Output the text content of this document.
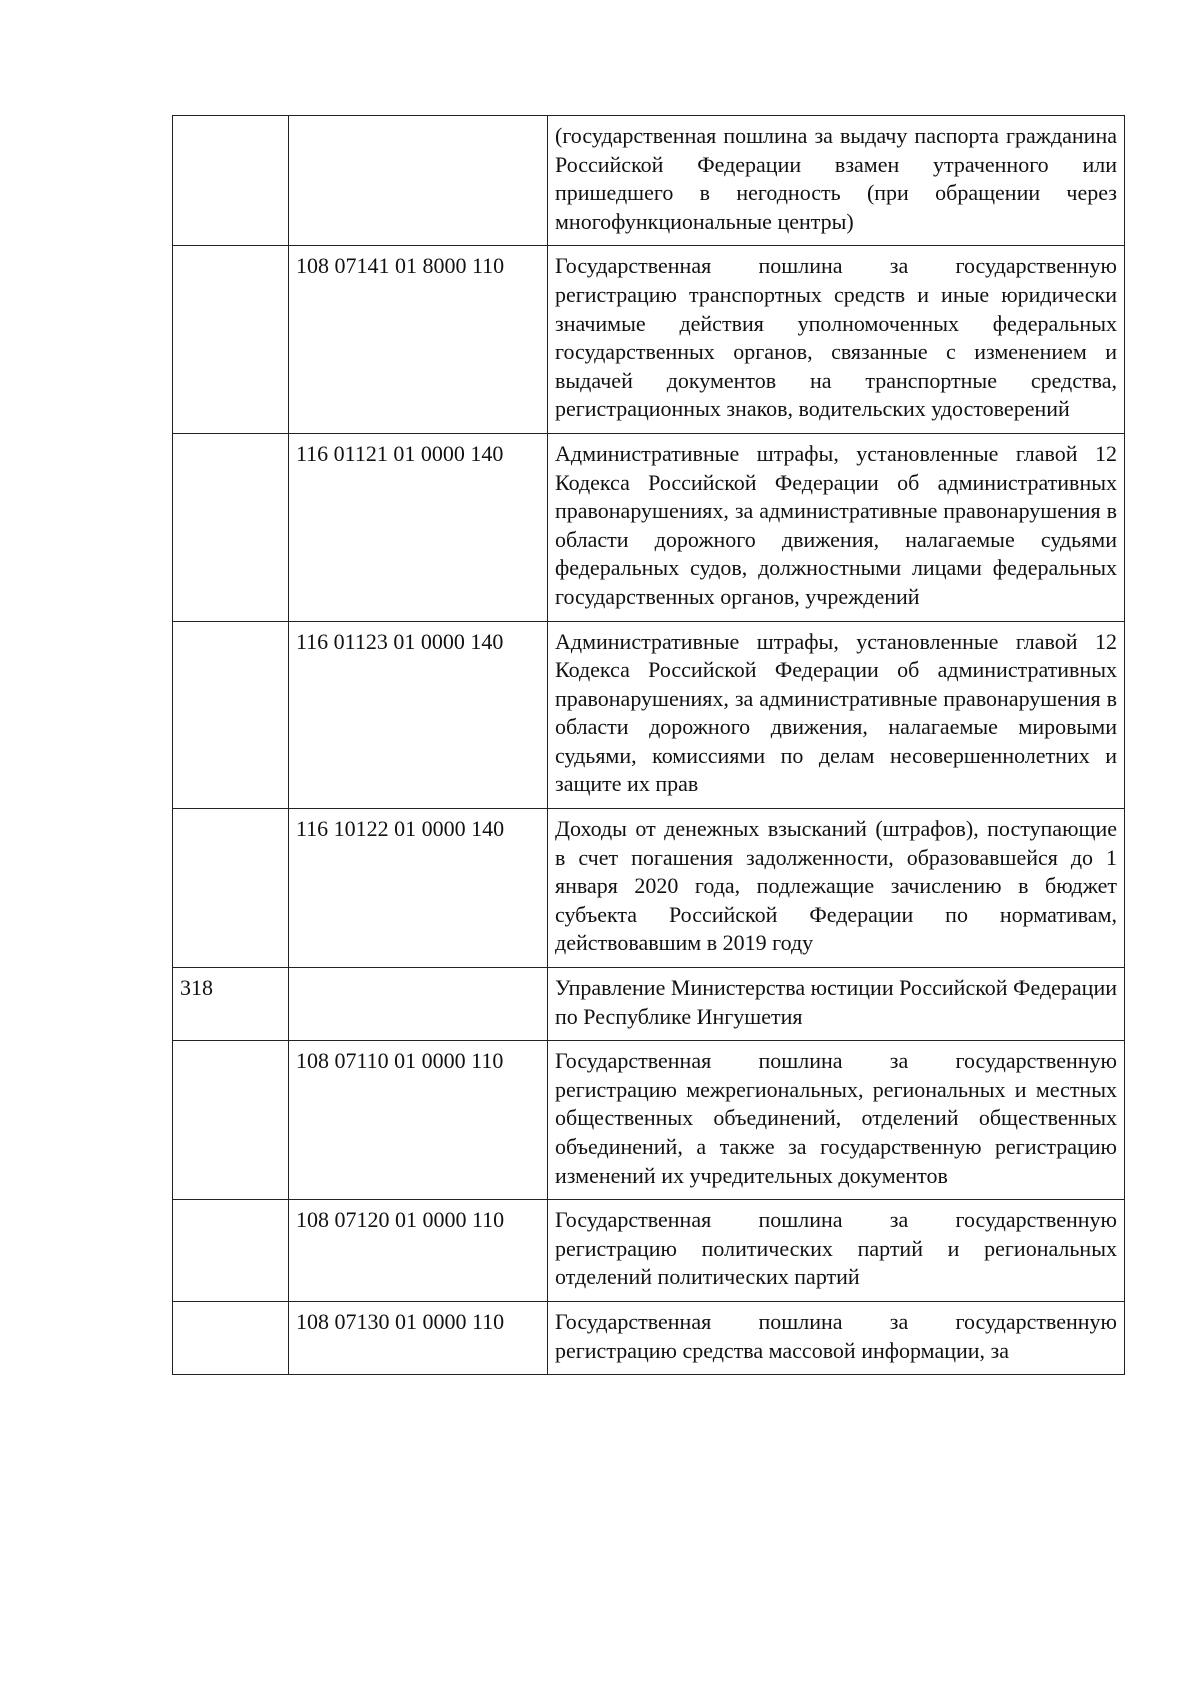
		(государственная пошлина за выдачу паспорта гражданина Российской Федерации взамен утраченного или пришедшего в негодность (при обращении через многофункциональные центры)
	108 07141 01 8000 110	Государственная пошлина за государственную регистрацию транспортных средств и иные юридически значимые действия уполномоченных федеральных государственных органов, связанные с изменением и выдачей документов на транспортные средства, регистрационных знаков, водительских удостоверений
	116 01121 01 0000 140	Административные штрафы, установленные главой 12 Кодекса Российской Федерации об административных правонарушениях, за административные правонарушения в области дорожного движения, налагаемые судьями федеральных судов, должностными лицами федеральных государственных органов, учреждений
	116 01123 01 0000 140	Административные штрафы, установленные главой 12 Кодекса Российской Федерации об административных правонарушениях, за административные правонарушения в области дорожного движения, налагаемые мировыми судьями, комиссиями по делам несовершеннолетних и защите их прав
	116 10122 01 0000 140	Доходы от денежных взысканий (штрафов), поступающие в счет погашения задолженности, образовавшейся до 1 января 2020 года, подлежащие зачислению в бюджет субъекта Российской Федерации по нормативам, действовавшим в 2019 году
318		Управление Министерства юстиции Российской Федерации по Республике Ингушетия
	108 07110 01 0000 110	Государственная пошлина за государственную регистрацию межрегиональных, региональных и местных общественных объединений, отделений общественных объединений, а также за государственную регистрацию изменений их учредительных документов
	108 07120 01 0000 110	Государственная пошлина за государственную регистрацию политических партий и региональных отделений политических партий
	108 07130 01 0000 110	Государственная пошлина за государственную регистрацию средства массовой информации, за
